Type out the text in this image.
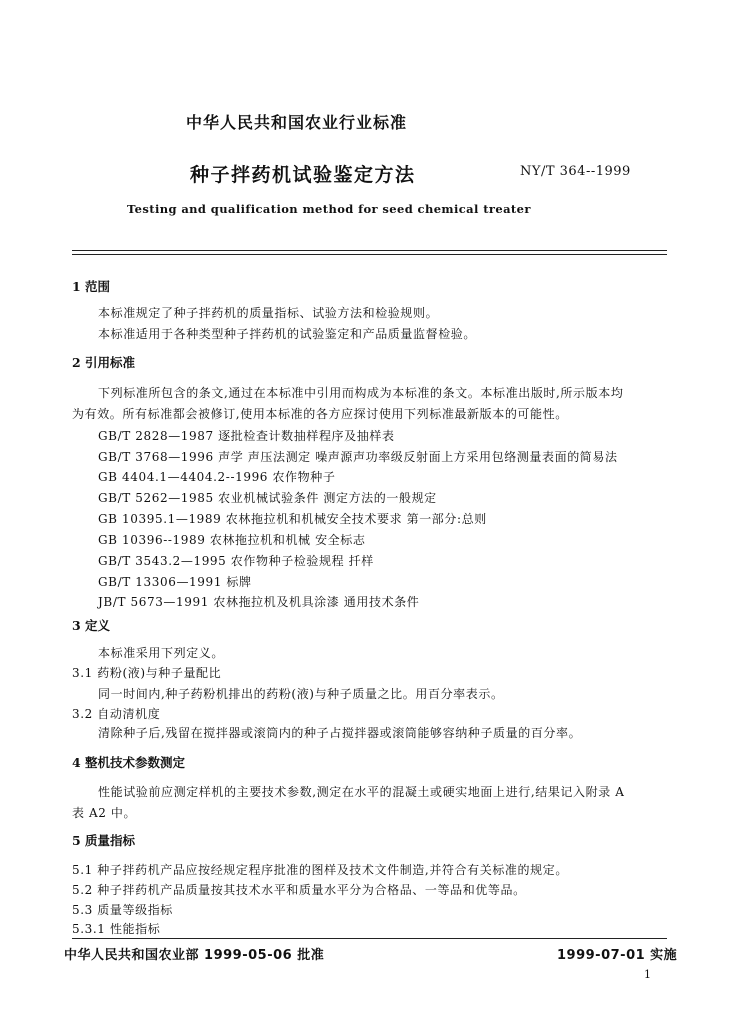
中华人民共和国农业行业标准
种子拌药机试验鉴定方法	NY/T 364--1999
Testing and qualification method for seed chemical treater
1 范围
本标准规定了种子拌药机的质量指标、试验方法和检验规则。
本标准适用于各种类型种子拌药机的试验鉴定和产品质量监督检验。
2 引用标准
下列标准所包含的条文,通过在本标准中引用而构成为本标准的条文。本标准出版时,所示版本均
为有效。所有标准都会被修订,使用本标准的各方应探讨使用下列标准最新版本的可能性。
GB/T 2828—1987 逐批检查计数抽样程序及抽样表
GB/T 3768—1996 声学 声压法测定 噪声源声功率级反射面上方采用包络测量表面的简易法
GB 4404.1—4404.2--1996 农作物种子
GB/T 5262—1985 农业机械试验条件 测定方法的一般规定
GB 10395.1—1989 农林拖拉机和机械安全技术要求 第一部分:总则
GB 10396--1989 农林拖拉机和机械 安全标志
GB/T 3543.2—1995 农作物种子检验规程 扦样
GB/T 13306—1991 标牌
JB/T 5673—1991 农林拖拉机及机具涂漆 通用技术条件
3 定义
本标准采用下列定义。
3.1 药粉(液)与种子量配比
同一时间内,种子药粉机排出的药粉(液)与种子质量之比。用百分率表示。
3.2 自动清机度
清除种子后,残留在搅拌器或滚筒内的种子占搅拌器或滚筒能够容纳种子质量的百分率。
4 整机技术参数测定
性能试验前应测定样机的主要技术参数,测定在水平的混凝土或硬实地面上进行,结果记入附录 A
表 A2 中。
5 质量指标
5.1 种子拌药机产品应按经规定程序批准的图样及技术文件制造,并符合有关标准的规定。
5.2 种子拌药机产品质量按其技术水平和质量水平分为合格品、一等品和优等品。
5.3 质量等级指标
5.3.1 性能指标
中华人民共和国农业部 1999-05-06 批准	1999-07-01 实施
1
